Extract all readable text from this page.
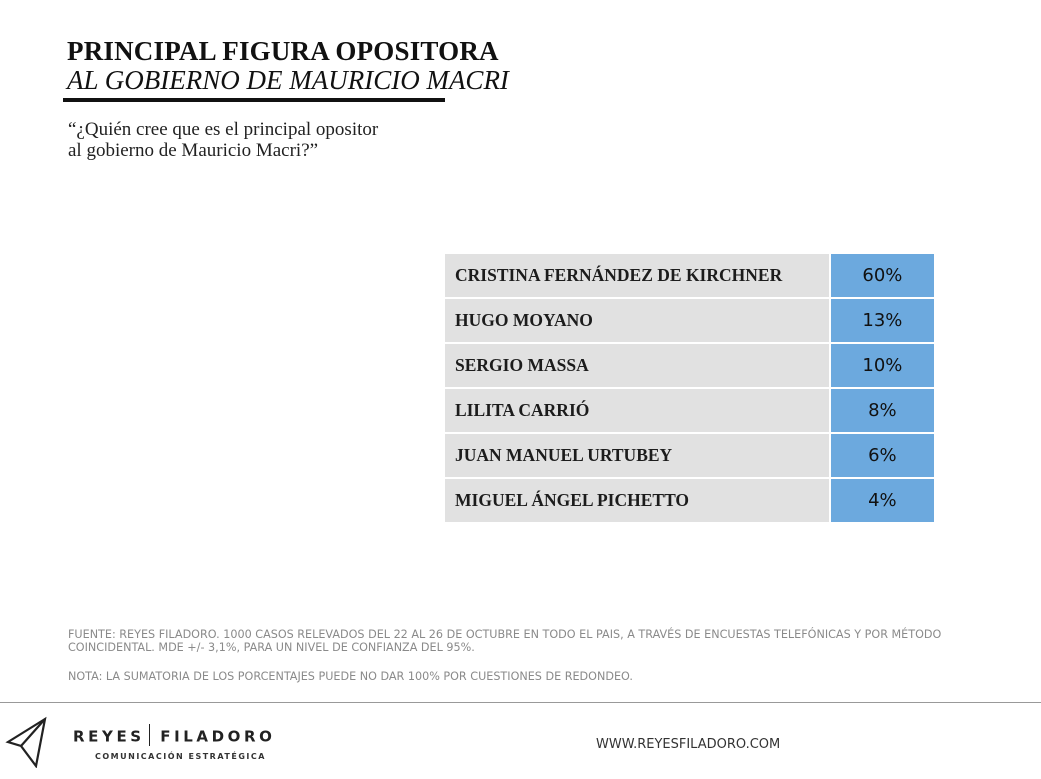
PRINCIPAL FIGURA OPOSITORA
AL GOBIERNO DE MAURICIO MACRI
“¿Quién cree que es el principal opositor al gobierno de Mauricio Macri?”
CRISTINA FERNÁNDEZ DE KIRCHNER	60%
HUGO MOYANO	13%
SERGIO MASSA	10%
LILITA CARRIÓ	8%
JUAN MANUEL URTUBEY	6%
MIGUEL ÁNGEL PICHETTO	4%
FUENTE: REYES FILADORO. 1000 CASOS RELEVADOS DEL 22 AL 26 DE OCTUBRE EN TODO EL PAIS, A TRAVÉS DE ENCUESTAS TELEFÓNICAS Y POR MÉTODO COINCIDENTAL. MDE +/- 3,1%, PARA UN NIVEL DE CONFIANZA DEL 95%.
NOTA: LA SUMATORIA DE LOS PORCENTAJES PUEDE NO DAR 100% POR CUESTIONES DE REDONDEO.
REYES FILADORO
COMUNICACIÓN ESTRATÉGICA
WWW.REYESFILADORO.COM
